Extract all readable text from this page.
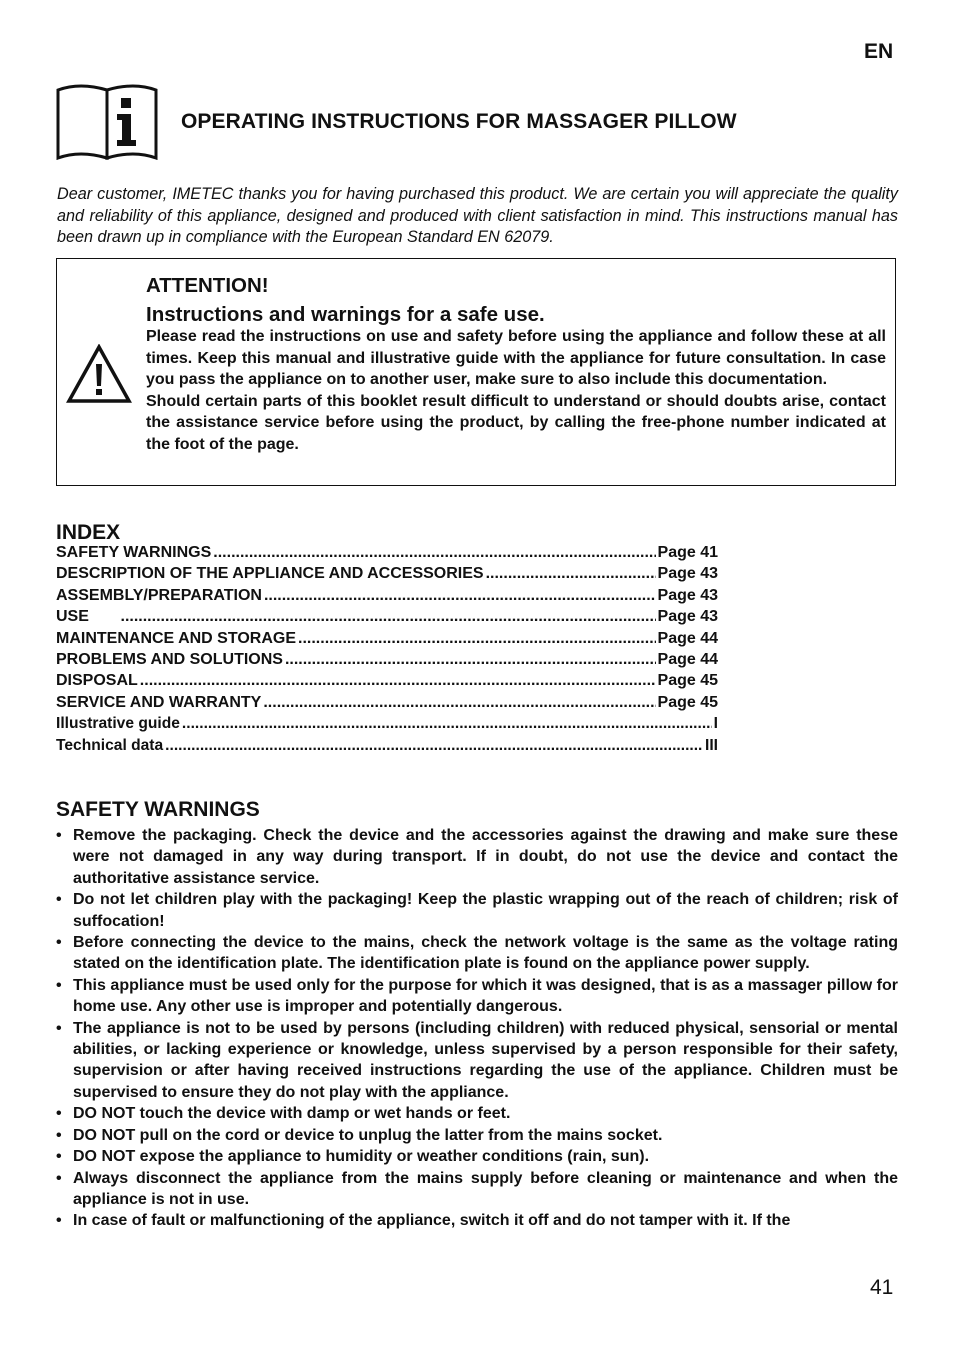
EN
OPERATING INSTRUCTIONS FOR MASSAGER PILLOW
Dear customer, IMETEC thanks you for having purchased this product. We are certain you will appreciate the quality and reliability of this appliance, designed and produced with client satisfaction in mind. This instructions manual has been drawn up in compliance with the European Standard EN 62079.
ATTENTION!
Instructions and warnings for a safe use.

Please read the instructions on use and safety before using the appliance and follow these at all times. Keep this manual and illustrative guide with the appliance for future consultation. In case you pass the appliance on to another user, make sure to also include this documentation.

Should certain parts of this booklet result difficult to understand or should doubts arise, contact the assistance service before using the product, by calling the free-phone number indicated at the foot of the page.

INDEX
SAFETY WARNINGS .....	Page 41
DESCRIPTION OF THE APPLIANCE AND ACCESSORIES .....	Page 43
ASSEMBLY/PREPARATION .....	Page 43
USE .....	Page 43
MAINTENANCE AND STORAGE .....	Page 44
PROBLEMS AND SOLUTIONS .....	Page 44
DISPOSAL .....	Page 45
SERVICE AND WARRANTY .....	Page 45
Illustrative guide .....	I
Technical data .....	III
SAFETY WARNINGS
• Remove the packaging. Check the device and the accessories against the drawing and make sure these were not damaged in any way during transport. If in doubt, do not use the device and contact the authoritative assistance service.
• Do not let children play with the packaging! Keep the plastic wrapping out of the reach of children; risk of suffocation!
• Before connecting the device to the mains, check the network voltage is the same as the voltage rating stated on the identification plate. The identification plate is found on the appliance power supply.
• This appliance must be used only for the purpose for which it was designed, that is as a massager pillow for home use. Any other use is improper and potentially dangerous.
• The appliance is not to be used by persons (including children) with reduced physical, sensorial or mental abilities, or lacking experience or knowledge, unless supervised by a person responsible for their safety, supervision or after having received instructions regarding the use of the appliance. Children must be supervised to ensure they do not play with the appliance.
• DO NOT touch the device with damp or wet hands or feet.
• DO NOT pull on the cord or device to unplug the latter from the mains socket.
• DO NOT expose the appliance to humidity or weather conditions (rain, sun).
• Always disconnect the appliance from the mains supply before cleaning or maintenance and when the appliance is not in use.
• In case of fault or malfunctioning of the appliance, switch it off and do not tamper with it. If the
41
